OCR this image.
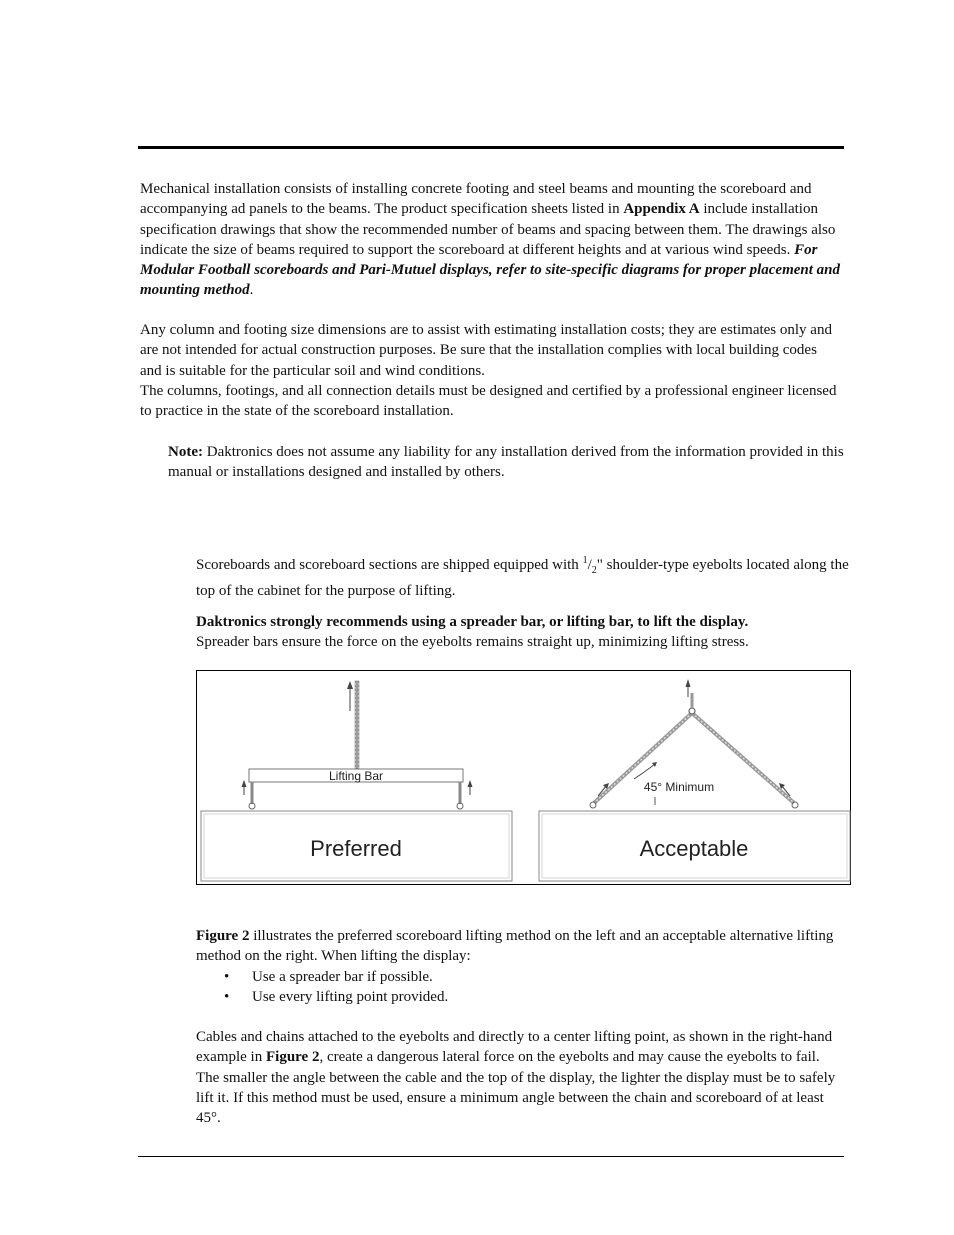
Mechanical installation consists of installing concrete footing and steel beams and mounting the scoreboard and accompanying ad panels to the beams. The product specification sheets listed in Appendix A include installation specification drawings that show the recommended number of beams and spacing between them. The drawings also indicate the size of beams required to support the scoreboard at different heights and at various wind speeds. For Modular Football scoreboards and Pari-Mutuel displays, refer to site-specific diagrams for proper placement and mounting method.

Any column and footing size dimensions are to assist with estimating installation costs; they are estimates only and are not intended for actual construction purposes. Be sure that the installation complies with local building codes and is suitable for the particular soil and wind conditions.
The columns, footings, and all connection details must be designed and certified by a professional engineer licensed to practice in the state of the scoreboard installation.

Note: Daktronics does not assume any liability for any installation derived from the information provided in this manual or installations designed and installed by others.

Scoreboards and scoreboard sections are shipped equipped with $^1/_2$" shoulder-type eyebolts located along the top of the cabinet for the purpose of lifting.

Daktronics strongly recommends using a spreader bar, or lifting bar, to lift the display.
Spreader bars ensure the force on the eyebolts remains straight up, minimizing lifting stress.

Lifting Bar
Preferred
45° Minimum
Acceptable
Figure 2 illustrates the preferred scoreboard lifting method on the left and an acceptable alternative lifting method on the right. When lifting the display:
• Use a spreader bar if possible.
• Use every lifting point provided.

Cables and chains attached to the eyebolts and directly to a center lifting point, as shown in the right-hand example in Figure 2, create a dangerous lateral force on the eyebolts and may cause the eyebolts to fail. The smaller the angle between the cable and the top of the display, the lighter the display must be to safely lift it. If this method must be used, ensure a minimum angle between the chain and scoreboard of at least 45°.
